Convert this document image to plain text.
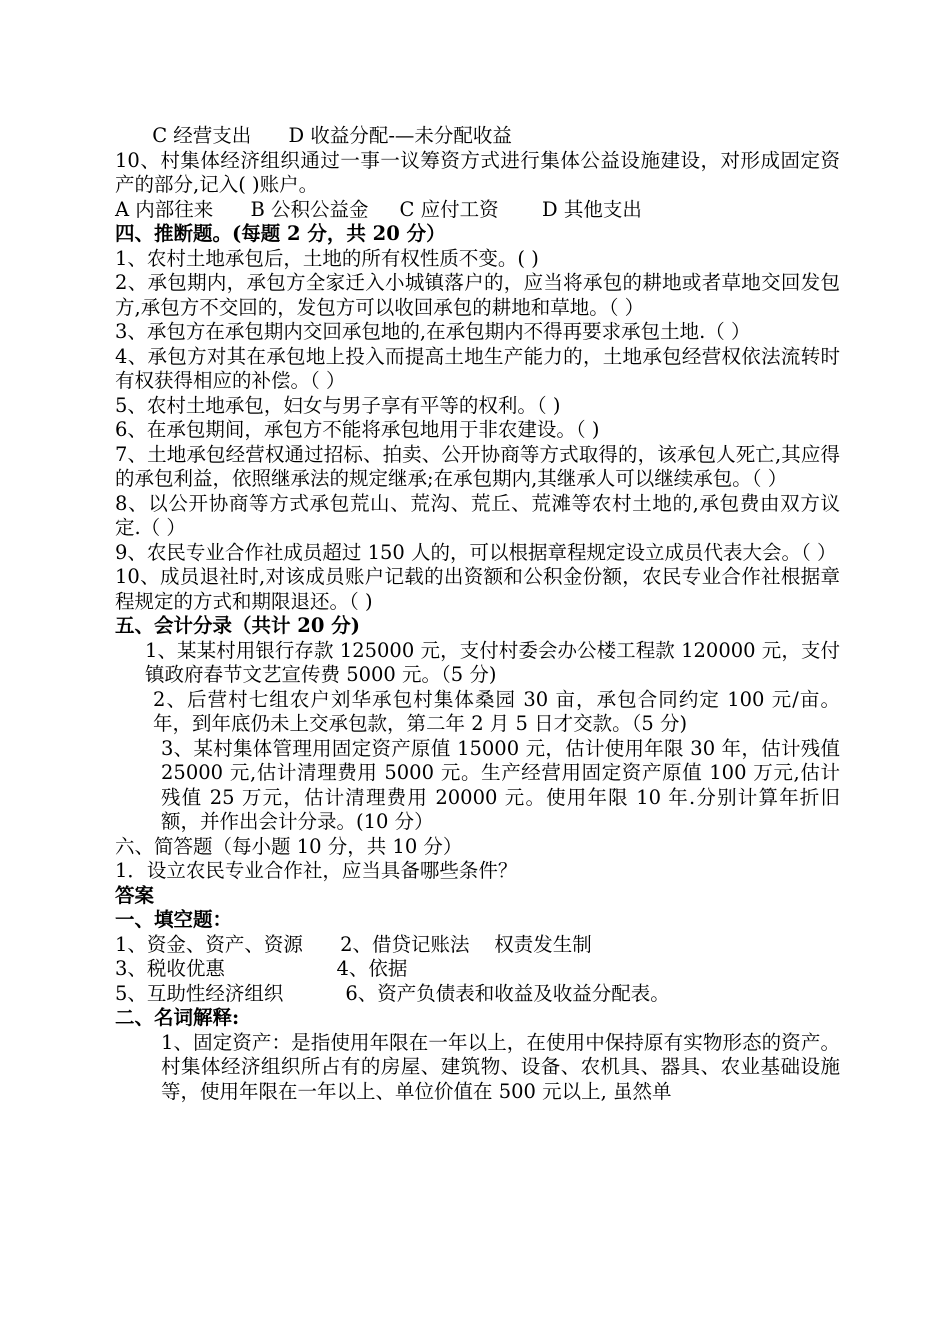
C 经营支出      D 收益分配-—未分配收益

10、村集体经济组织通过一事一议筹资方式进行集体公益设施建设，对形成固定资产的部分,记入( )账户。

A 内部往来      B 公积公益金     C 应付工资       D 其他支出

四、推断题。(每题 2 分，共 20 分）

1、农村土地承包后，土地的所有权性质不变。( )

2、承包期内，承包方全家迁入小城镇落户的，应当将承包的耕地或者草地交回发包方,承包方不交回的，发包方可以收回承包的耕地和草地。（ ）

3、承包方在承包期内交回承包地的,在承包期内不得再要求承包土地.（ ）

4、承包方对其在承包地上投入而提高土地生产能力的，土地承包经营权依法流转时有权获得相应的补偿。（ ）

5、农村土地承包，妇女与男子享有平等的权利。（ )

6、在承包期间，承包方不能将承包地用于非农建设。（ )

7、土地承包经营权通过招标、拍卖、公开协商等方式取得的，该承包人死亡,其应得的承包利益，依照继承法的规定继承;在承包期内,其继承人可以继续承包。（ ）

8、以公开协商等方式承包荒山、荒沟、荒丘、荒滩等农村土地的,承包费由双方议定.（ ）

9、农民专业合作社成员超过 150 人的，可以根据章程规定设立成员代表大会。（ ）

10、成员退社时,对该成员账户记载的出资额和公积金份额，农民专业合作社根据章程规定的方式和期限退还。（ )

五、会计分录（共计 20 分)

1、某某村用银行存款 125000 元，支付村委会办公楼工程款 120000 元，支付镇政府春节文艺宣传费 5000 元。（5 分)

2、后营村七组农户刘华承包村集体桑园 30 亩，承包合同约定 100 元/亩。年，到年底仍未上交承包款，第二年 2 月 5 日才交款。（5 分)

3、某村集体管理用固定资产原值 15000 元，估计使用年限 30 年，估计残值 25000 元,估计清理费用 5000 元。生产经营用固定资产原值 100 万元,估计残值 25 万元，估计清理费用 20000 元。使用年限 10 年.分别计算年折旧额，并作出会计分录。(10 分）

六、简答题（每小题 10 分，共 10 分）

1．设立农民专业合作社，应当具备哪些条件？

答案

一、填空题：

1、资金、资产、资源      2、借贷记账法    权责发生制

3、税收优惠                  4、依据

5、互助性经济组织          6、资产负债表和收益及收益分配表。

二、名词解释:

1、固定资产：是指使用年限在一年以上，在使用中保持原有实物形态的资产。村集体经济组织所占有的房屋、建筑物、设备、农机具、器具、农业基础设施等，使用年限在一年以上、单位价值在 500 元以上, 虽然单
